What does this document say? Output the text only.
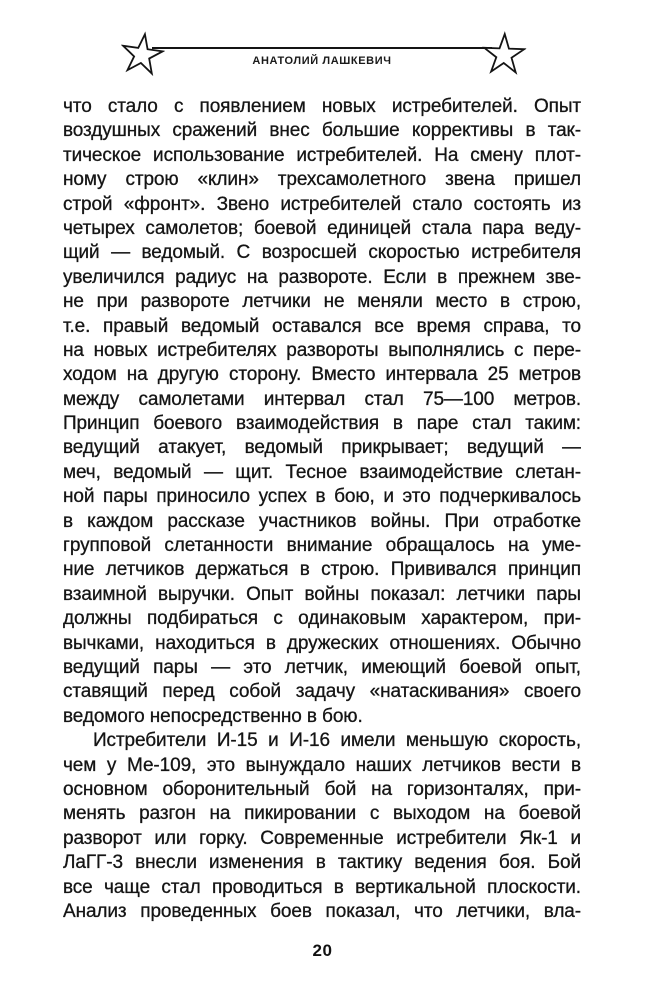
АНАТОЛИЙ ЛАШКЕВИЧ
что стало с появлением новых истребителей. Опыт
воздушных сражений внес большие коррективы в так-
тическое использование истребителей. На смену плот-
ному строю «клин» трехсамолетного звена пришел
строй «фронт». Звено истребителей стало состоять из
четырех самолетов; боевой единицей стала пара веду-
щий — ведомый. С возросшей скоростью истребителя
увеличился радиус на развороте. Если в прежнем зве-
не при развороте летчики не меняли место в строю,
т.е. правый ведомый оставался все время справа, то
на новых истребителях развороты выполнялись с пере-
ходом на другую сторону. Вместо интервала 25 метров
между самолетами интервал стал 75—100 метров.
Принцип боевого взаимодействия в паре стал таким:
ведущий атакует, ведомый прикрывает; ведущий —
меч, ведомый — щит. Тесное взаимодействие слетан-
ной пары приносило успех в бою, и это подчеркивалось
в каждом рассказе участников войны. При отработке
групповой слетанности внимание обращалось на уме-
ние летчиков держаться в строю. Прививался принцип
взаимной выручки. Опыт войны показал: летчики пары
должны подбираться с одинаковым характером, при-
вычками, находиться в дружеских отношениях. Обычно
ведущий пары — это летчик, имеющий боевой опыт,
ставящий перед собой задачу «натаскивания» своего
ведомого непосредственно в бою.
Истребители И-15 и И-16 имели меньшую скорость,
чем у Ме-109, это вынуждало наших летчиков вести в
основном оборонительный бой на горизонталях, при-
менять разгон на пикировании с выходом на боевой
разворот или горку. Современные истребители Як-1 и
ЛаГГ-3 внесли изменения в тактику ведения боя. Бой
все чаще стал проводиться в вертикальной плоскости.
Анализ проведенных боев показал, что летчики, вла-
20
